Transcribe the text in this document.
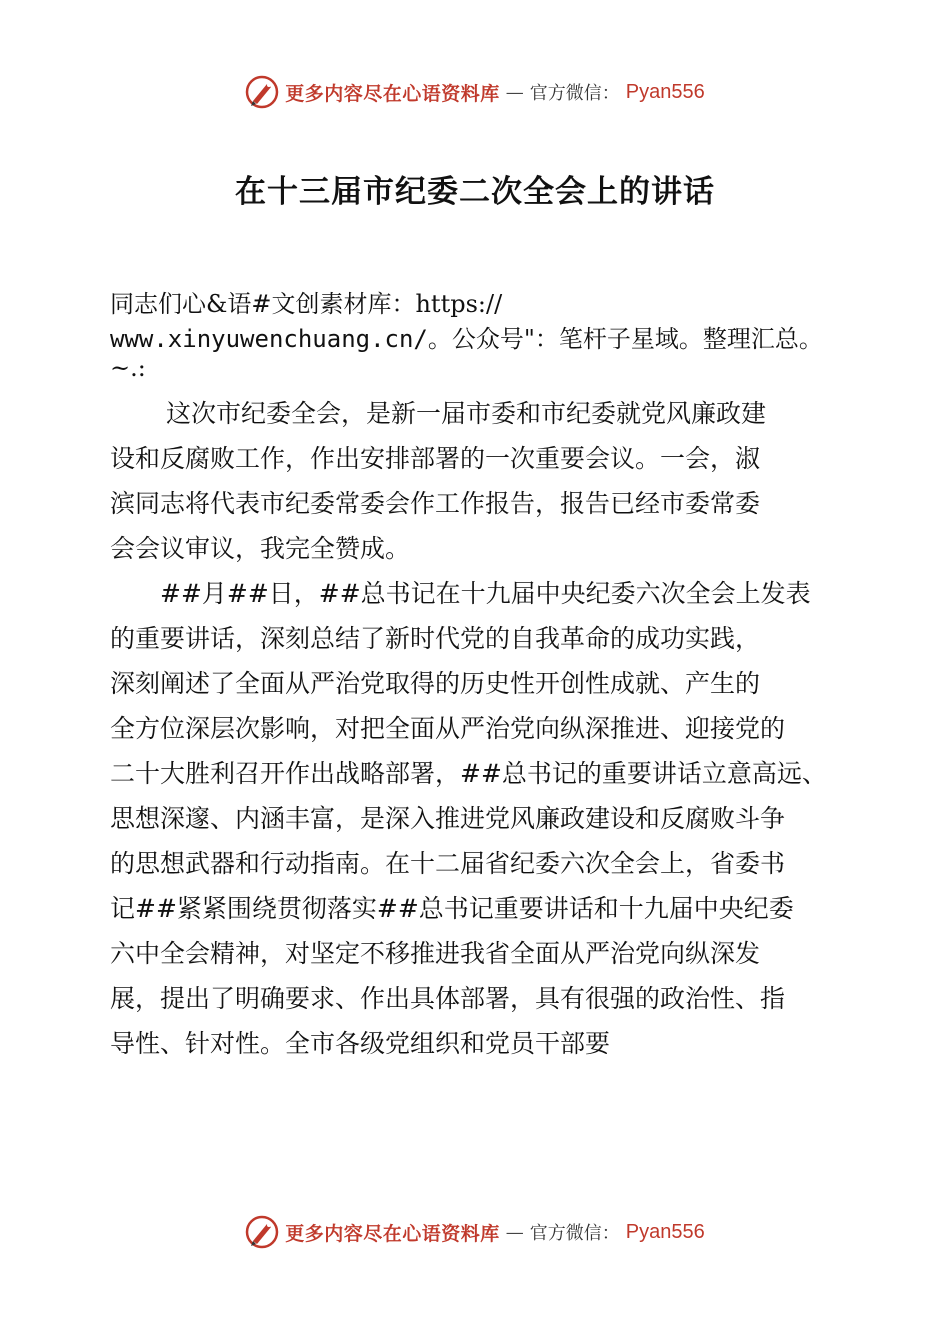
更多内容尽在心语资料库 — 官方微信： Pyan556
在十三届市纪委二次全会上的讲话
同志们心&语#文创素材库：https://
www.xinyuwenchuang.cn/。公众号"：笔杆子星域。整理汇总。
~.:
这次市纪委全会，是新一届市委和市纪委就党风廉政建
设和反腐败工作，作出安排部署的一次重要会议。一会，淑
滨同志将代表市纪委常委会作工作报告，报告已经市委常委
会会议审议，我完全赞成。
##月##日，##总书记在十九届中央纪委六次全会上发表
的重要讲话，深刻总结了新时代党的自我革命的成功实践，
深刻阐述了全面从严治党取得的历史性开创性成就、产生的
全方位深层次影响，对把全面从严治党向纵深推进、迎接党的
二十大胜利召开作出战略部署，##总书记的重要讲话立意高远、
思想深邃、内涵丰富，是深入推进党风廉政建设和反腐败斗争
的思想武器和行动指南。在十二届省纪委六次全会上，省委书
记##紧紧围绕贯彻落实##总书记重要讲话和十九届中央纪委
六中全会精神，对坚定不移推进我省全面从严治党向纵深发
展，提出了明确要求、作出具体部署，具有很强的政治性、指
导性、针对性。全市各级党组织和党员干部要
更多内容尽在心语资料库 — 官方微信： Pyan556
